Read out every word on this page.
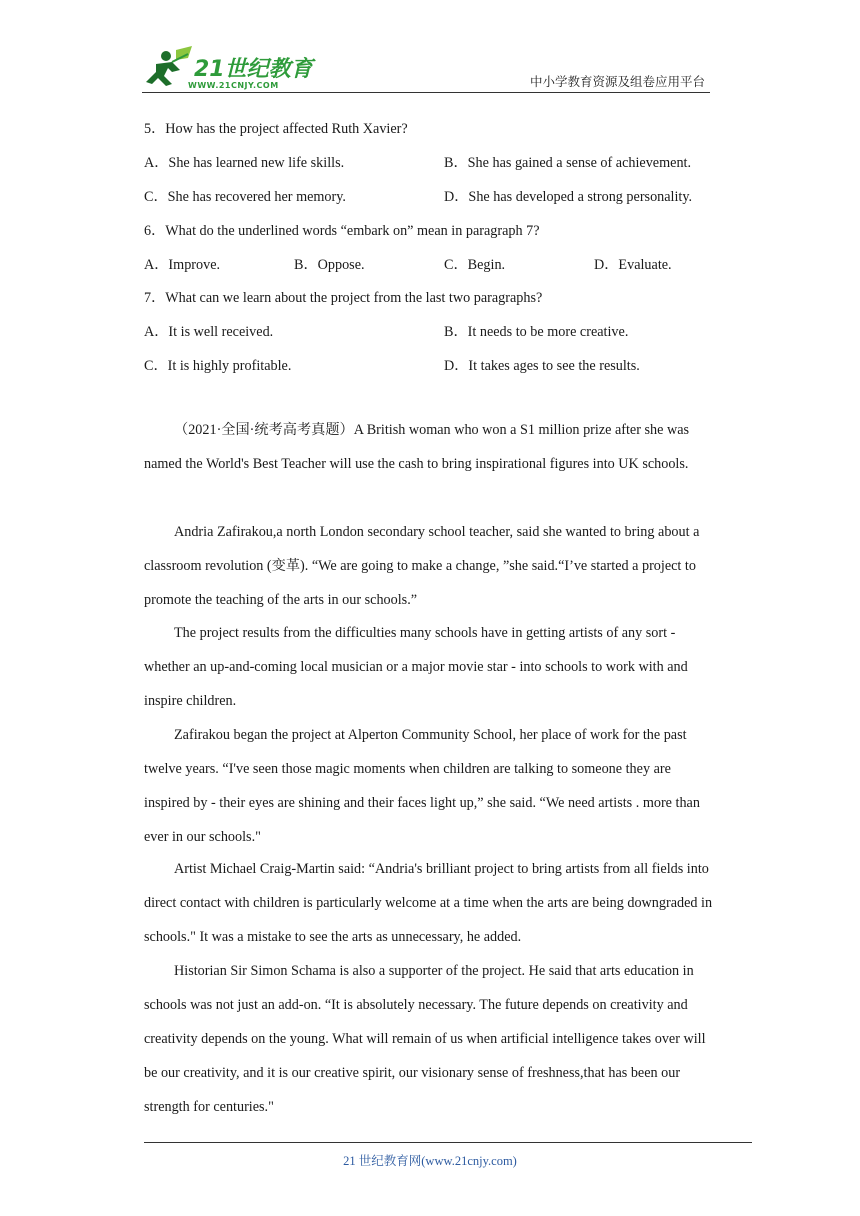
21世纪教育
WWW.21CNJY.COM	中小学教育资源及组卷应用平台
5．How has the project affected Ruth Xavier?
A．She has learned new life skills.	B．She has gained a sense of achievement.
C．She has recovered her memory.	D．She has developed a strong personality.
6．What do the underlined words “embark on” mean in paragraph 7?
A．Improve.	B．Oppose.	C．Begin.	D．Evaluate.
7．What can we learn about the project from the last two paragraphs?
A．It is well received.	B．It needs to be more creative.
C．It is highly profitable.	D．It takes ages to see the results.
（2021·全国·统考高考真题）A British woman who won a S1 million prize after she was named the World's Best Teacher will use the cash to bring inspirational figures into UK schools.
Andria Zafirakou,a north London secondary school teacher, said she wanted to bring about a classroom revolution (变革). “We are going to make a change, ”she said.“I’ve started a project to promote the teaching of the arts in our schools.”
The project results from the difficulties many schools have in getting artists of any sort - whether an up-and-coming local musician or a major movie star - into schools to work with and inspire children.
Zafirakou began the project at Alperton Community School, her place of work for the past twelve years. “I've seen those magic moments when children are talking to someone they are inspired by - their eyes are shining and their faces light up,” she said. “We need artists . more than ever in our schools."
Artist Michael Craig-Martin said: “Andria's brilliant project to bring artists from all fields into direct contact with children is particularly welcome at a time when the arts are being downgraded in schools." It was a mistake to see the arts as unnecessary, he added.
Historian Sir Simon Schama is also a supporter of the project. He said that arts education in schools was not just an add-on. “It is absolutely necessary. The future depends on creativity and creativity depends on the young. What will remain of us when artificial intelligence takes over will be our creativity, and it is our creative spirit, our visionary sense of freshness,that has been our strength for centuries."
21 世纪教育网(www.21cnjy.com)
